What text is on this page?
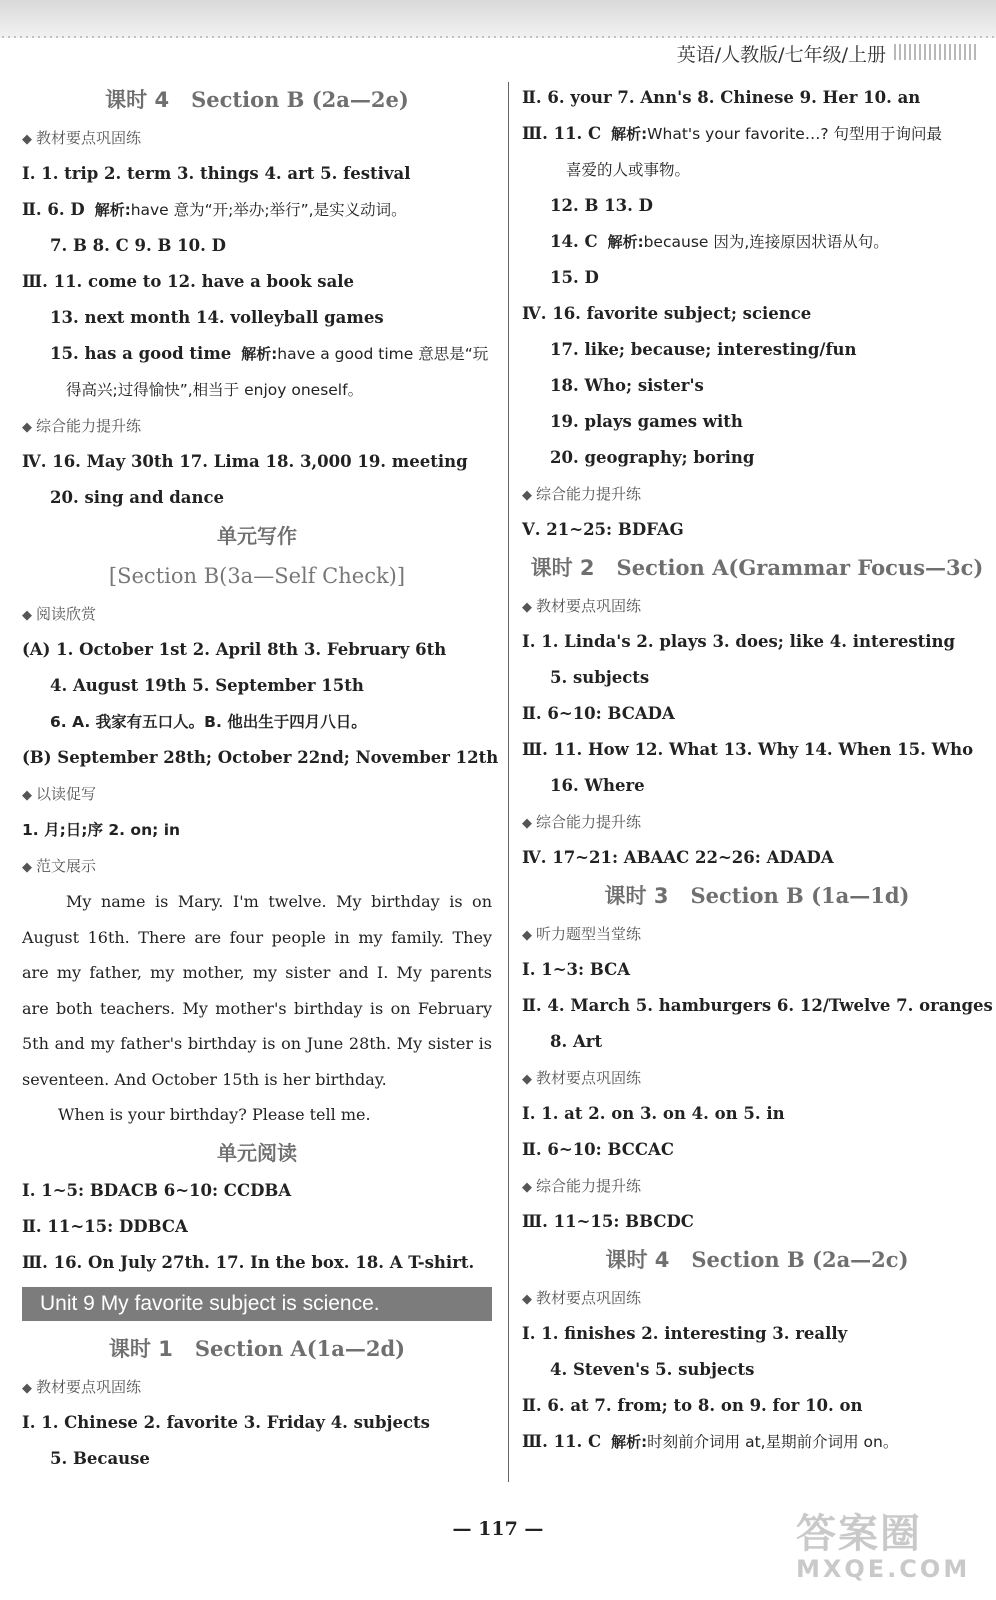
英语/人教版/七年级/上册
课时 4 Section B (2a—2e)
◆ 教材要点巩固练
Ⅰ. 1. trip 2. term 3. things 4. art 5. festival
Ⅱ. 6. D 解析:have 意为“开;举办;举行”,是实义动词。
7. B 8. C 9. B 10. D
Ⅲ. 11. come to 12. have a book sale
13. next month 14. volleyball games
15. has a good time 解析:have a good time 意思是“玩
得高兴;过得愉快”,相当于 enjoy oneself。
◆ 综合能力提升练
Ⅳ. 16. May 30th 17. Lima 18. 3,000 19. meeting
20. sing and dance
单元写作
[Section B(3a—Self Check)]
◆ 阅读欣赏
(A) 1. October 1st 2. April 8th 3. February 6th
4. August 19th 5. September 15th
6. A. 我家有五口人。B. 他出生于四月八日。
(B) September 28th; October 22nd; November 12th
◆ 以读促写
1. 月;日;序 2. on; in
◆ 范文展示

My name is Mary. I'm twelve. My birthday is on August 16th. There are four people in my family. They are my father, my mother, my sister and I. My parents are both teachers. My mother's birthday is on February 5th and my father's birthday is on June 28th. My sister is seventeen. And October 15th is her birthday.

When is your birthday? Please tell me.

单元阅读
Ⅰ. 1~5: BDACB 6~10: CCDBA
Ⅱ. 11~15: DDBCA
Ⅲ. 16. On July 27th. 17. In the box. 18. A T-shirt.
Unit 9 My favorite subject is science.
课时 1 Section A(1a—2d)
◆ 教材要点巩固练
Ⅰ. 1. Chinese 2. favorite 3. Friday 4. subjects
5. Because
Ⅱ. 6. your 7. Ann's 8. Chinese 9. Her 10. an
Ⅲ. 11. C 解析:What's your favorite…? 句型用于询问最
喜爱的人或事物。
12. B 13. D
14. C 解析:because 因为,连接原因状语从句。
15. D
Ⅳ. 16. favorite subject; science
17. like; because; interesting/fun
18. Who; sister's
19. plays games with
20. geography; boring
◆ 综合能力提升练
Ⅴ. 21~25: BDFAG
课时 2 Section A(Grammar Focus—3c)
◆ 教材要点巩固练
Ⅰ. 1. Linda's 2. plays 3. does; like 4. interesting
5. subjects
Ⅱ. 6~10: BCADA
Ⅲ. 11. How 12. What 13. Why 14. When 15. Who
16. Where
◆ 综合能力提升练
Ⅳ. 17~21: ABAAC 22~26: ADADA
课时 3 Section B (1a—1d)
◆ 听力题型当堂练
Ⅰ. 1~3: BCA
Ⅱ. 4. March 5. hamburgers 6. 12/Twelve 7. oranges
8. Art
◆ 教材要点巩固练
Ⅰ. 1. at 2. on 3. on 4. on 5. in
Ⅱ. 6~10: BCCAC
◆ 综合能力提升练
Ⅲ. 11~15: BBCDC
课时 4 Section B (2a—2c)
◆ 教材要点巩固练
Ⅰ. 1. finishes 2. interesting 3. really
4. Steven's 5. subjects
Ⅱ. 6. at 7. from; to 8. on 9. for 10. on
Ⅲ. 11. C 解析:时刻前介词用 at,星期前介词用 on。
— 117 —	答案圈
MXQE.COM
